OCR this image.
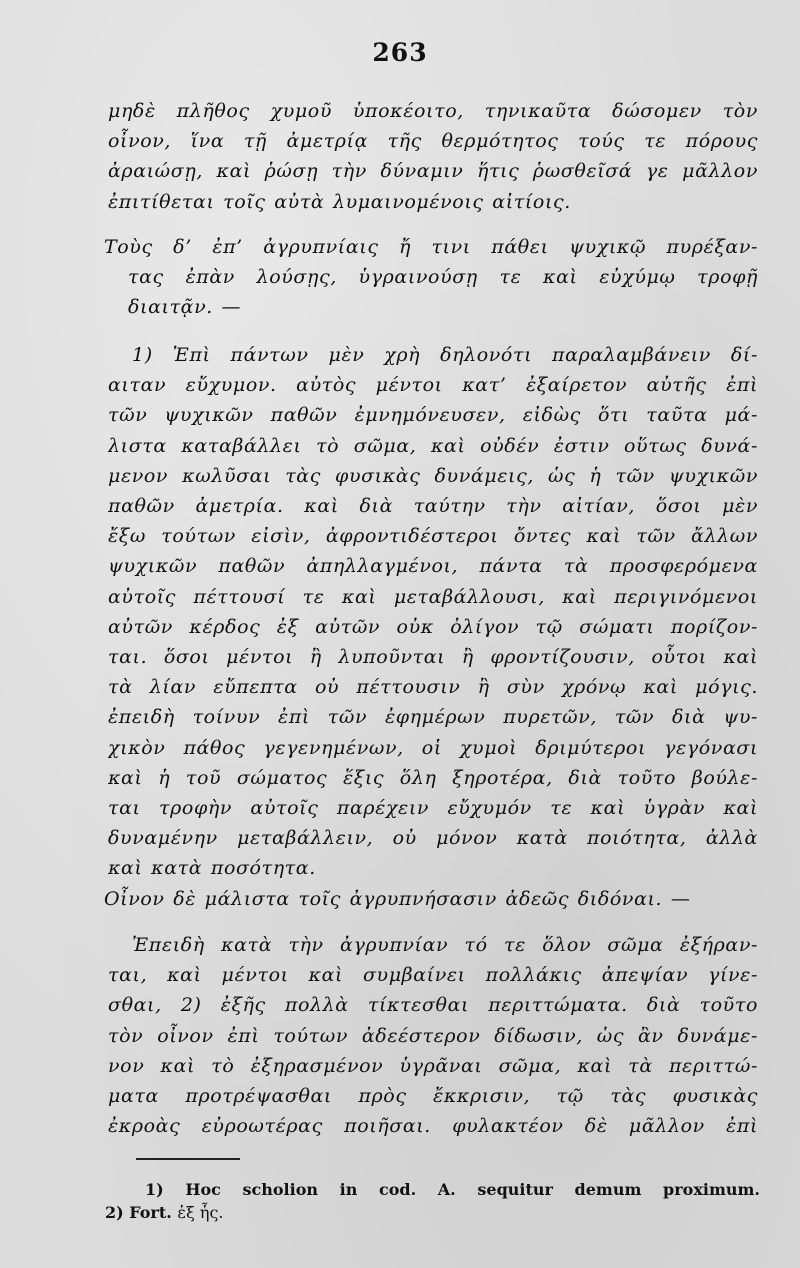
263
μηδὲ πλῆθος χυμοῦ ὑποκέοιτο, τηνικαῦτα δώσομεν τὸν
οἶνον, ἵνα τῇ ἀμετρίᾳ τῆς θερμότητος τούς τε πόρους
ἀραιώσῃ, καὶ ῥώσῃ τὴν δύναμιν ἥτις ῥωσθεῖσά γε μᾶλλον
ἐπιτίθεται τοῖς αὐτὰ λυμαινομένοις αἰτίοις.
Τοὺς δ’ ἐπ’ ἀγρυπνίαις ἤ τινι πάθει ψυχικῷ πυρέξαν-
τας ἐπὰν λούσῃς, ὑγραινούσῃ τε καὶ εὐχύμῳ τροφῇ
διαιτᾷν. —
1) Ἐπὶ πάντων μὲν χρὴ δηλονότι παραλαμβάνειν δί-
αιταν εὔχυμον. αὐτὸς μέντοι κατ’ ἐξαίρετον αὐτῆς ἐπὶ
τῶν ψυχικῶν παθῶν ἐμνημόνευσεν, εἰδὼς ὅτι ταῦτα μά-
λιστα καταβάλλει τὸ σῶμα, καὶ οὐδέν ἐστιν οὕτως δυνά-
μενον κωλῦσαι τὰς φυσικὰς δυνάμεις, ὡς ἡ τῶν ψυχικῶν
παθῶν ἀμετρία. καὶ διὰ ταύτην τὴν αἰτίαν, ὅσοι μὲν
ἔξω τούτων εἰσὶν, ἀφροντιδέστεροι ὄντες καὶ τῶν ἄλλων
ψυχικῶν παθῶν ἀπηλλαγμένοι, πάντα τὰ προσφερόμενα
αὐτοῖς πέττουσί τε καὶ μεταβάλλουσι, καὶ περιγινόμενοι
αὐτῶν κέρδος ἐξ αὐτῶν οὐκ ὀλίγον τῷ σώματι πορίζον-
ται. ὅσοι μέντοι ἢ λυποῦνται ἢ φροντίζουσιν, οὗτοι καὶ
τὰ λίαν εὔπεπτα οὐ πέττουσιν ἢ σὺν χρόνῳ καὶ μόγις.
ἐπειδὴ τοίνυν ἐπὶ τῶν ἐφημέρων πυρετῶν, τῶν διὰ ψυ-
χικὸν πάθος γεγενημένων, οἱ χυμοὶ δριμύτεροι γεγόνασι
καὶ ἡ τοῦ σώματος ἕξις ὅλη ξηροτέρα, διὰ τοῦτο βούλε-
ται τροφὴν αὐτοῖς παρέχειν εὔχυμόν τε καὶ ὑγρὰν καὶ
δυναμένην μεταβάλλειν, οὐ μόνον κατὰ ποιότητα, ἀλλὰ
καὶ κατὰ ποσότητα.
Οἶνον δὲ μάλιστα τοῖς ἀγρυπνήσασιν ἀδεῶς διδόναι. —
Ἐπειδὴ κατὰ τὴν ἀγρυπνίαν τό τε ὅλον σῶμα ἐξήραν-
ται, καὶ μέντοι καὶ συμβαίνει πολλάκις ἀπεψίαν γίνε-
σθαι, 2) ἐξῆς πολλὰ τίκτεσθαι περιττώματα. διὰ τοῦτο
τὸν οἶνον ἐπὶ τούτων ἀδεέστερον δίδωσιν, ὡς ἂν δυνάμε-
νον καὶ τὸ ἐξηρασμένον ὑγρᾶναι σῶμα, καὶ τὰ περιττώ-
ματα προτρέψασθαι πρὸς ἔκκρισιν, τῷ τὰς φυσικὰς
ἐκροὰς εὐροωτέρας ποιῆσαι. φυλακτέον δὲ μᾶλλον ἐπὶ
1) Hoc scholion in cod. A. sequitur demum proximum.
2) Fort. ἐξ ἧς.
